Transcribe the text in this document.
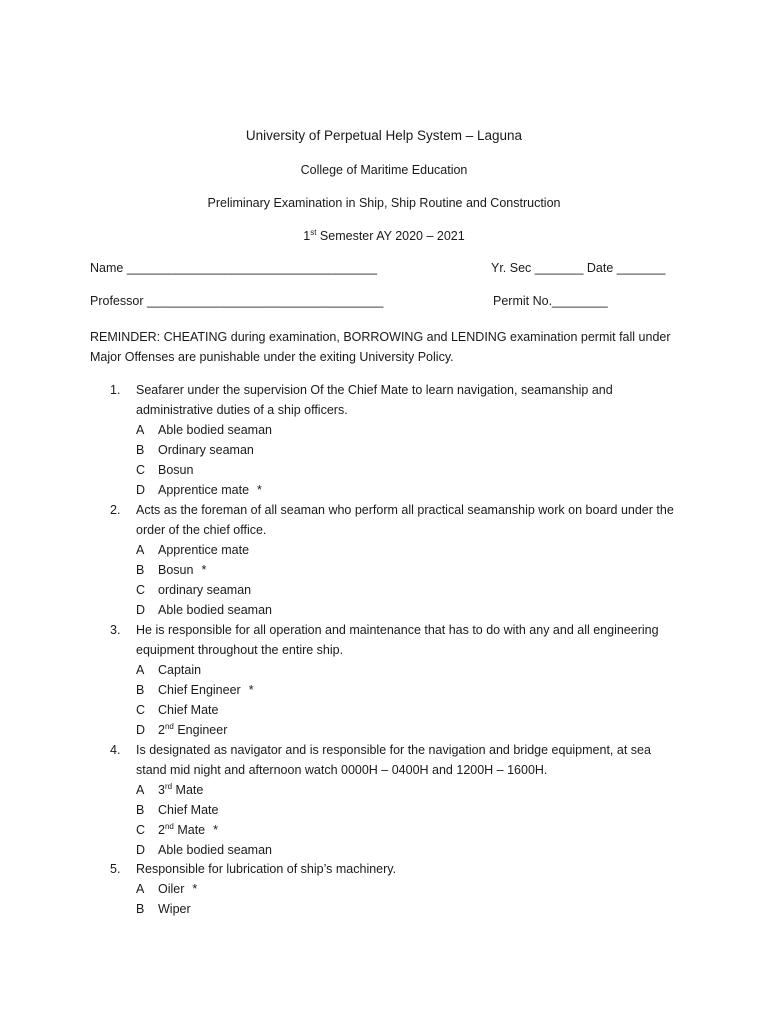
University of Perpetual Help System – Laguna
College of Maritime Education
Preliminary Examination in Ship, Ship Routine and Construction
1st Semester AY 2020 – 2021
Name ____________________________________	Yr. Sec _______ Date _______
Professor __________________________________	Permit No.________
REMINDER: CHEATING during examination, BORROWING and LENDING examination permit fall under Major Offenses are punishable under the exiting University Policy.
1. Seafarer under the supervision Of the Chief Mate to learn navigation, seamanship and administrative duties of a ship officers.
A Able bodied seaman
B Ordinary seaman
C Bosun
D Apprentice mate *
2. Acts as the foreman of all seaman who perform all practical seamanship work on board under the order of the chief office.
A Apprentice mate
B Bosun *
C ordinary seaman
D Able bodied seaman
3. He is responsible for all operation and maintenance that has to do with any and all engineering equipment throughout the entire ship.
A Captain
B Chief Engineer *
C Chief Mate
D 2nd Engineer
4. Is designated as navigator and is responsible for the navigation and bridge equipment, at sea stand mid night and afternoon watch 0000H – 0400H and 1200H – 1600H.
A 3rd Mate
B Chief Mate
C 2nd Mate *
D Able bodied seaman
5. Responsible for lubrication of ship’s machinery.
A Oiler *
B Wiper
